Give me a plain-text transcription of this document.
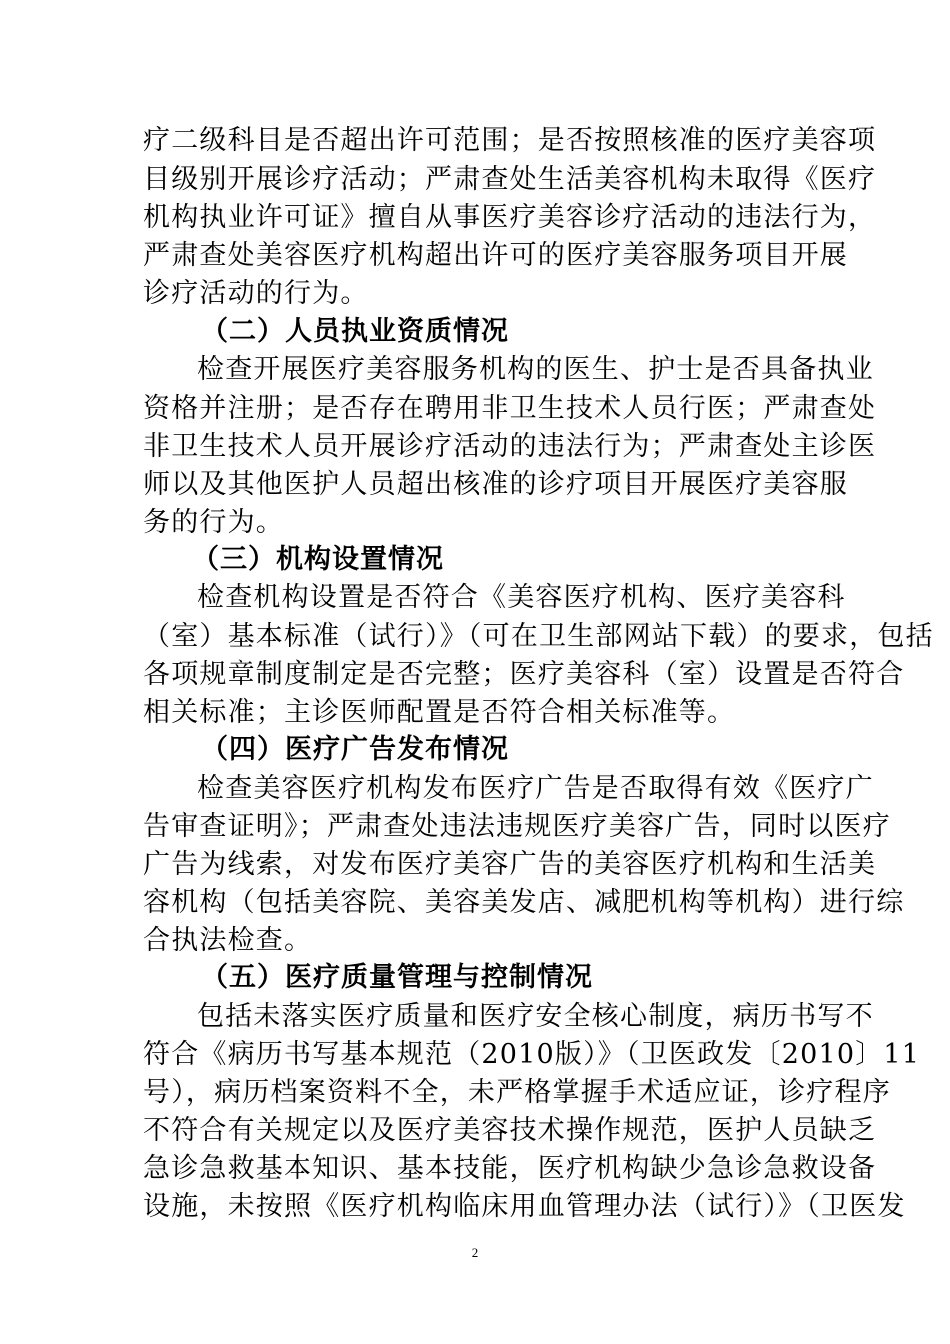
疗二级科目是否超出许可范围；是否按照核准的医疗美容项
目级别开展诊疗活动；严肃查处生活美容机构未取得《医疗
机构执业许可证》擅自从事医疗美容诊疗活动的违法行为，
严肃查处美容医疗机构超出许可的医疗美容服务项目开展
诊疗活动的行为。
（二）人员执业资质情况
检查开展医疗美容服务机构的医生、护士是否具备执业
资格并注册；是否存在聘用非卫生技术人员行医；严肃查处
非卫生技术人员开展诊疗活动的违法行为；严肃查处主诊医
师以及其他医护人员超出核准的诊疗项目开展医疗美容服
务的行为。
（三）机构设置情况
检查机构设置是否符合《美容医疗机构、医疗美容科
（室）基本标准（试行）》（可在卫生部网站下载）的要求，包括
各项规章制度制定是否完整；医疗美容科（室）设置是否符合
相关标准；主诊医师配置是否符合相关标准等。
（四）医疗广告发布情况
检查美容医疗机构发布医疗广告是否取得有效《医疗广
告审查证明》；严肃查处违法违规医疗美容广告，同时以医疗
广告为线索，对发布医疗美容广告的美容医疗机构和生活美
容机构（包括美容院、美容美发店、减肥机构等机构）进行综
合执法检查。
（五）医疗质量管理与控制情况
包括未落实医疗质量和医疗安全核心制度，病历书写不
符合《病历书写基本规范（2010版）》（卫医政发〔2010〕11
号），病历档案资料不全，未严格掌握手术适应证，诊疗程序
不符合有关规定以及医疗美容技术操作规范，医护人员缺乏
急诊急救基本知识、基本技能，医疗机构缺少急诊急救设备
设施，未按照《医疗机构临床用血管理办法（试行）》（卫医发
2
